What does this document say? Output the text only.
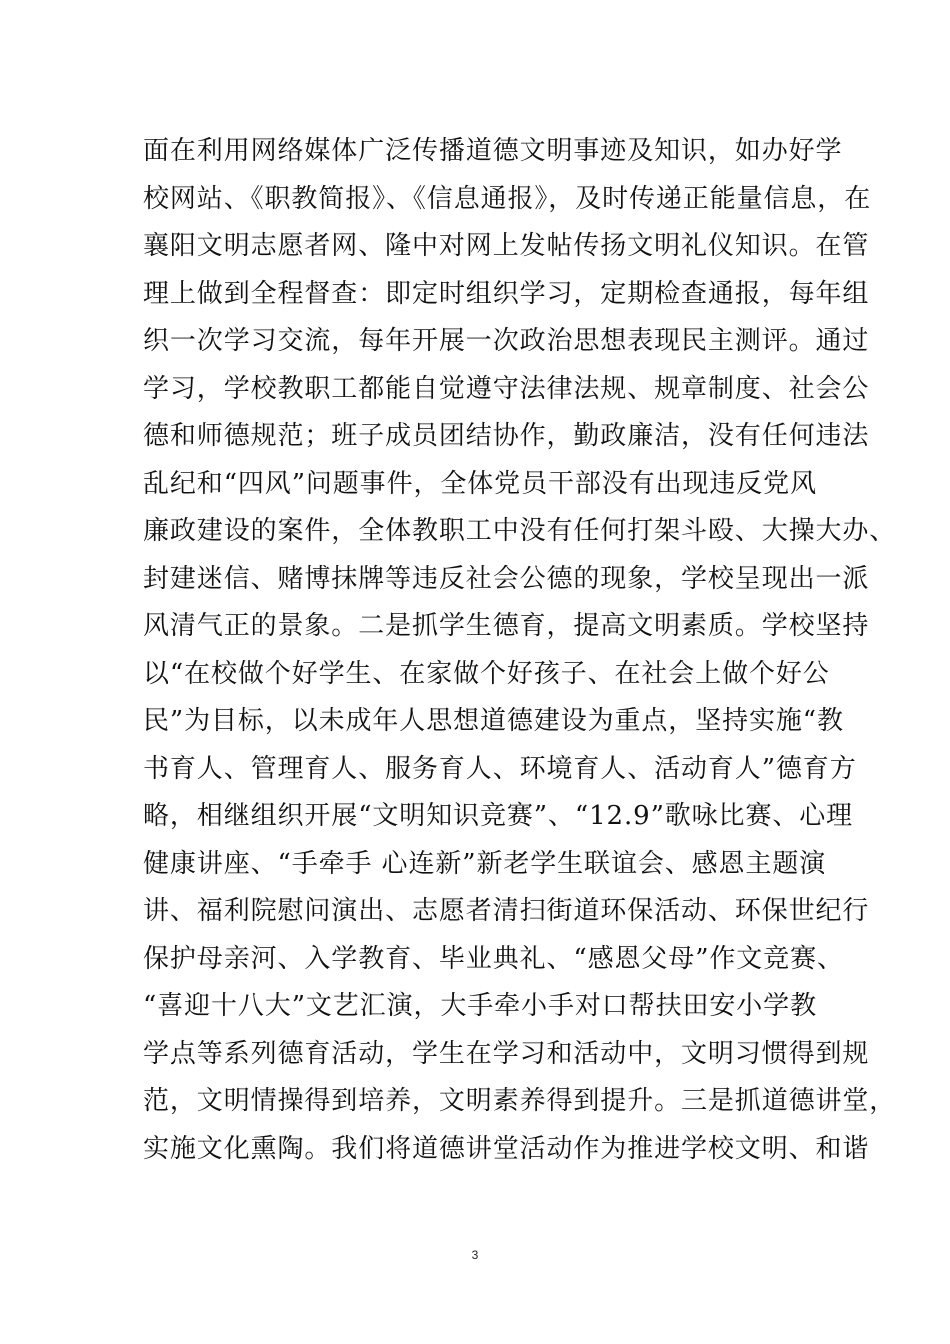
面在利用网络媒体广泛传播道德文明事迹及知识，如办好学
校网站、《职教简报》、《信息通报》，及时传递正能量信息，在
襄阳文明志愿者网、隆中对网上发帖传扬文明礼仪知识。在管
理上做到全程督查：即定时组织学习，定期检查通报，每年组
织一次学习交流，每年开展一次政治思想表现民主测评。通过
学习，学校教职工都能自觉遵守法律法规、规章制度、社会公
德和师德规范；班子成员团结协作，勤政廉洁，没有任何违法
乱纪和“四风”问题事件，全体党员干部没有出现违反党风
廉政建设的案件，全体教职工中没有任何打架斗殴、大操大办、
封建迷信、赌博抹牌等违反社会公德的现象，学校呈现出一派
风清气正的景象。二是抓学生德育，提高文明素质。学校坚持
以“在校做个好学生、在家做个好孩子、在社会上做个好公
民”为目标，以未成年人思想道德建设为重点，坚持实施“教
书育人、管理育人、服务育人、环境育人、活动育人”德育方
略，相继组织开展“文明知识竞赛”、“12.9”歌咏比赛、心理
健康讲座、“手牵手 心连新”新老学生联谊会、感恩主题演
讲、福利院慰问演出、志愿者清扫街道环保活动、环保世纪行
保护母亲河、入学教育、毕业典礼、“感恩父母”作文竞赛、
“喜迎十八大”文艺汇演，大手牵小手对口帮扶田安小学教
学点等系列德育活动，学生在学习和活动中，文明习惯得到规
范，文明情操得到培养，文明素养得到提升。三是抓道德讲堂，
实施文化熏陶。我们将道德讲堂活动作为推进学校文明、和谐
3
